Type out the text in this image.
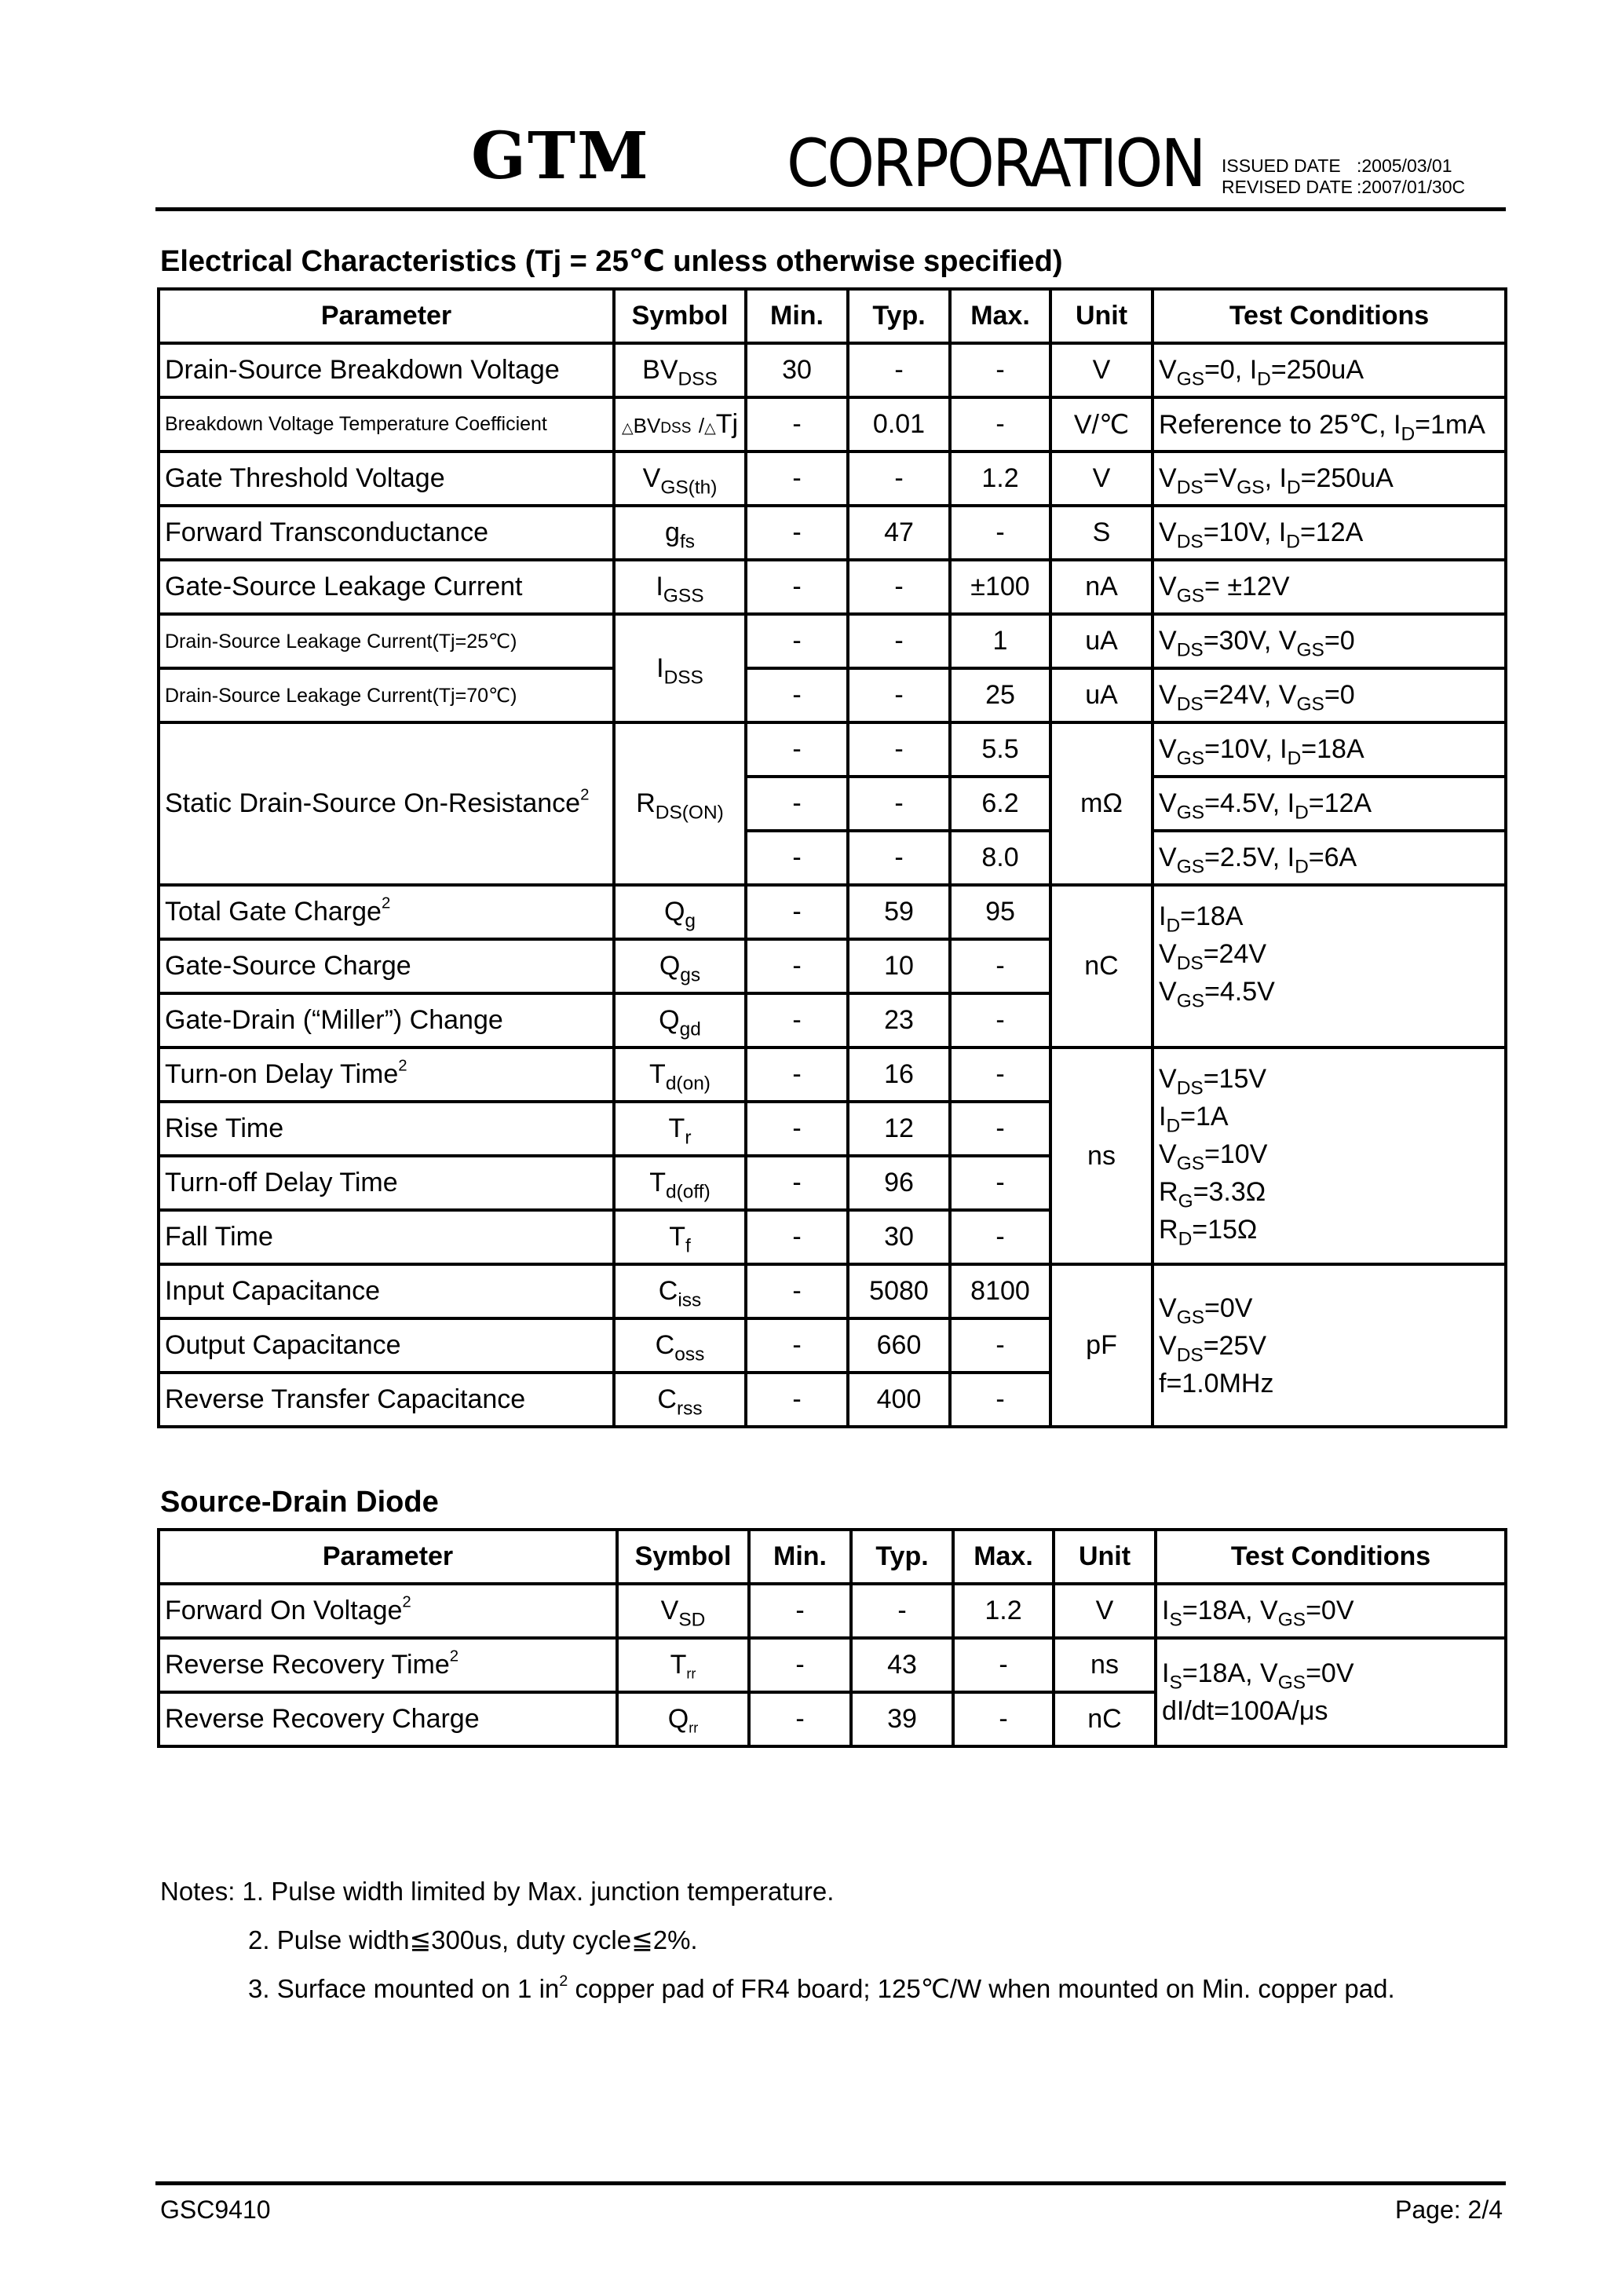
GTM CORPORATION ISSUED DATE :2005/03/01
REVISED DATE :2007/01/30C
Electrical Characteristics (Tj = 25℃ unless otherwise specified)
Parameter	Symbol	Min.	Typ.	Max.	Unit	Test Conditions
Drain-Source Breakdown Voltage	$BV_{DSS}$	30	-	-	V	$V_{GS}=0$, $I_D=250uA$
Breakdown Voltage Temperature Coefficient	△BVDSS /△Tj	-	0.01	-	V/℃	Reference to 25℃, $I_D=1mA$
Gate Threshold Voltage	$V_{GS(th)}$	-	-	1.2	V	$V_{DS}=V_{GS}$, $I_D=250uA$
Forward Transconductance	$g_{fs}$	-	47	-	S	$V_{DS}=10V$, $I_D=12A$
Gate-Source Leakage Current	$I_{GSS}$	-	-	±100	nA	$V_{GS}= \pm 12V$
Drain-Source Leakage Current(Tj=25℃)	$I_{DSS}$	-	-	1	uA	$V_{DS}=30V$, $V_{GS}=0$
Drain-Source Leakage Current(Tj=70℃)		-	-	25	uA	$V_{DS}=24V$, $V_{GS}=0$
Static Drain-Source On-Resistance$^2$	$R_{DS(ON)}$	-	-	5.5	mΩ	$V_{GS}=10V$, $I_D=18A$
		-	-	6.2		$V_{GS}=4.5V$, $I_D=12A$
		-	-	8.0		$V_{GS}=2.5V$, $I_D=6A$
Total Gate Charge$^2$	$Q_g$	-	59	95	nC	$I_D=18A$
$V_{DS}=24V$
$V_{GS}=4.5V$
Gate-Source Charge	$Q_{gs}$	-	10	-		
Gate-Drain (“Miller”) Change	$Q_{gd}$	-	23	-		
Turn-on Delay Time$^2$	$T_{d(on)}$	-	16	-	ns	$V_{DS}=15V$
$I_D=1A$
$V_{GS}=10V$
$R_G=3.3\Omega$
$R_D=15\Omega$
Rise Time	$T_r$	-	12	-		
Turn-off Delay Time	$T_{d(off)}$	-	96	-		
Fall Time	$T_f$	-	30	-		
Input Capacitance	$C_{iss}$	-	5080	8100	pF	$V_{GS}=0V$
$V_{DS}=25V$
f=1.0MHz
Output Capacitance	$C_{oss}$	-	660	-		
Reverse Transfer Capacitance	$C_{rss}$	-	400	-		
Source-Drain Diode
Parameter	Symbol	Min.	Typ.	Max.	Unit	Test Conditions
Forward On Voltage$^2$	$V_{SD}$	-	-	1.2	V	$I_S=18A$, $V_{GS}=0V$
Reverse Recovery Time$^2$	$T_{rr}$	-	43	-	ns	$I_S=18A$, $V_{GS}=0V$
dI/dt=100A/μs
Reverse Recovery Charge	$Q_{rr}$	-	39	-	nC	
Notes: 1. Pulse width limited by Max. junction temperature.
2. Pulse width≦300us, duty cycle≦2%.
3. Surface mounted on 1 $in^2$ copper pad of FR4 board; 125℃/W when mounted on Min. copper pad.
GSC9410	Page: 2/4
